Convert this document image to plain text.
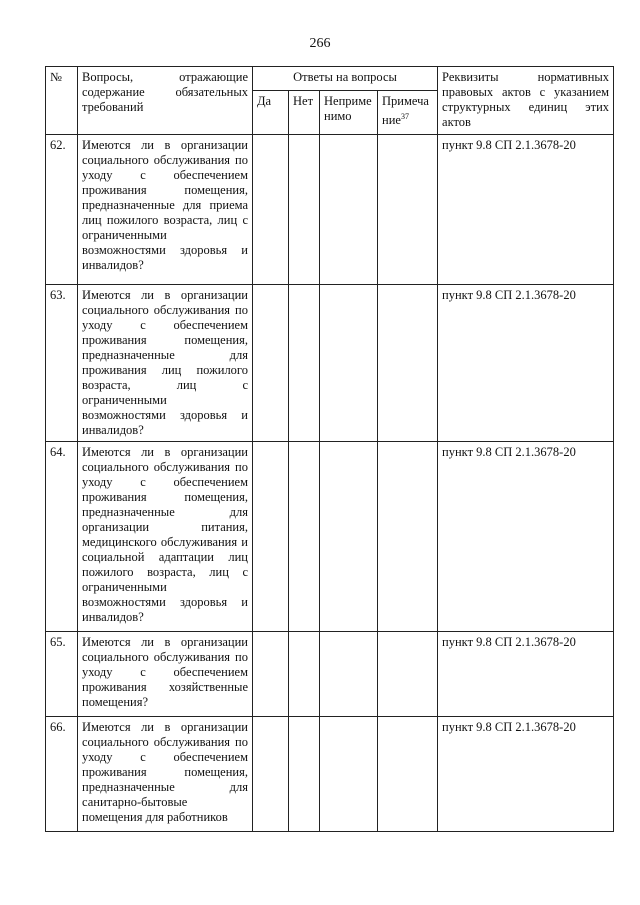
266
№	Вопросы, отражающие содержание обязательных требований	Ответы на вопросы				Реквизиты нормативных правовых актов с указанием структурных единиц этих актов
		Да	Нет	Неприме нимо	Примеча ние$^{37}$
62.	Имеются ли в организации социального обслуживания по уходу с обеспечением проживания помещения, предназначенные для приема лиц пожилого возраста, лиц с ограниченными возможностями здоровья и инвалидов?					пункт 9.8 СП 2.1.3678-20
63.	Имеются ли в организации социального обслуживания по уходу с обеспечением проживания помещения, предназначенные для проживания лиц пожилого возраста, лиц с ограниченными возможностями здоровья и инвалидов?					пункт 9.8 СП 2.1.3678-20
64.	Имеются ли в организации социального обслуживания по уходу с обеспечением проживания помещения, предназначенные для организации питания, медицинского обслуживания и социальной адаптации лиц пожилого возраста, лиц с ограниченными возможностями здоровья и инвалидов?					пункт 9.8 СП 2.1.3678-20
65.	Имеются ли в организации социального обслуживания по уходу с обеспечением проживания хозяйственные помещения?					пункт 9.8 СП 2.1.3678-20
66.	Имеются ли в организации социального обслуживания по уходу с обеспечением проживания помещения, предназначенные для санитарно-бытовые помещения для работников					пункт 9.8 СП 2.1.3678-20
